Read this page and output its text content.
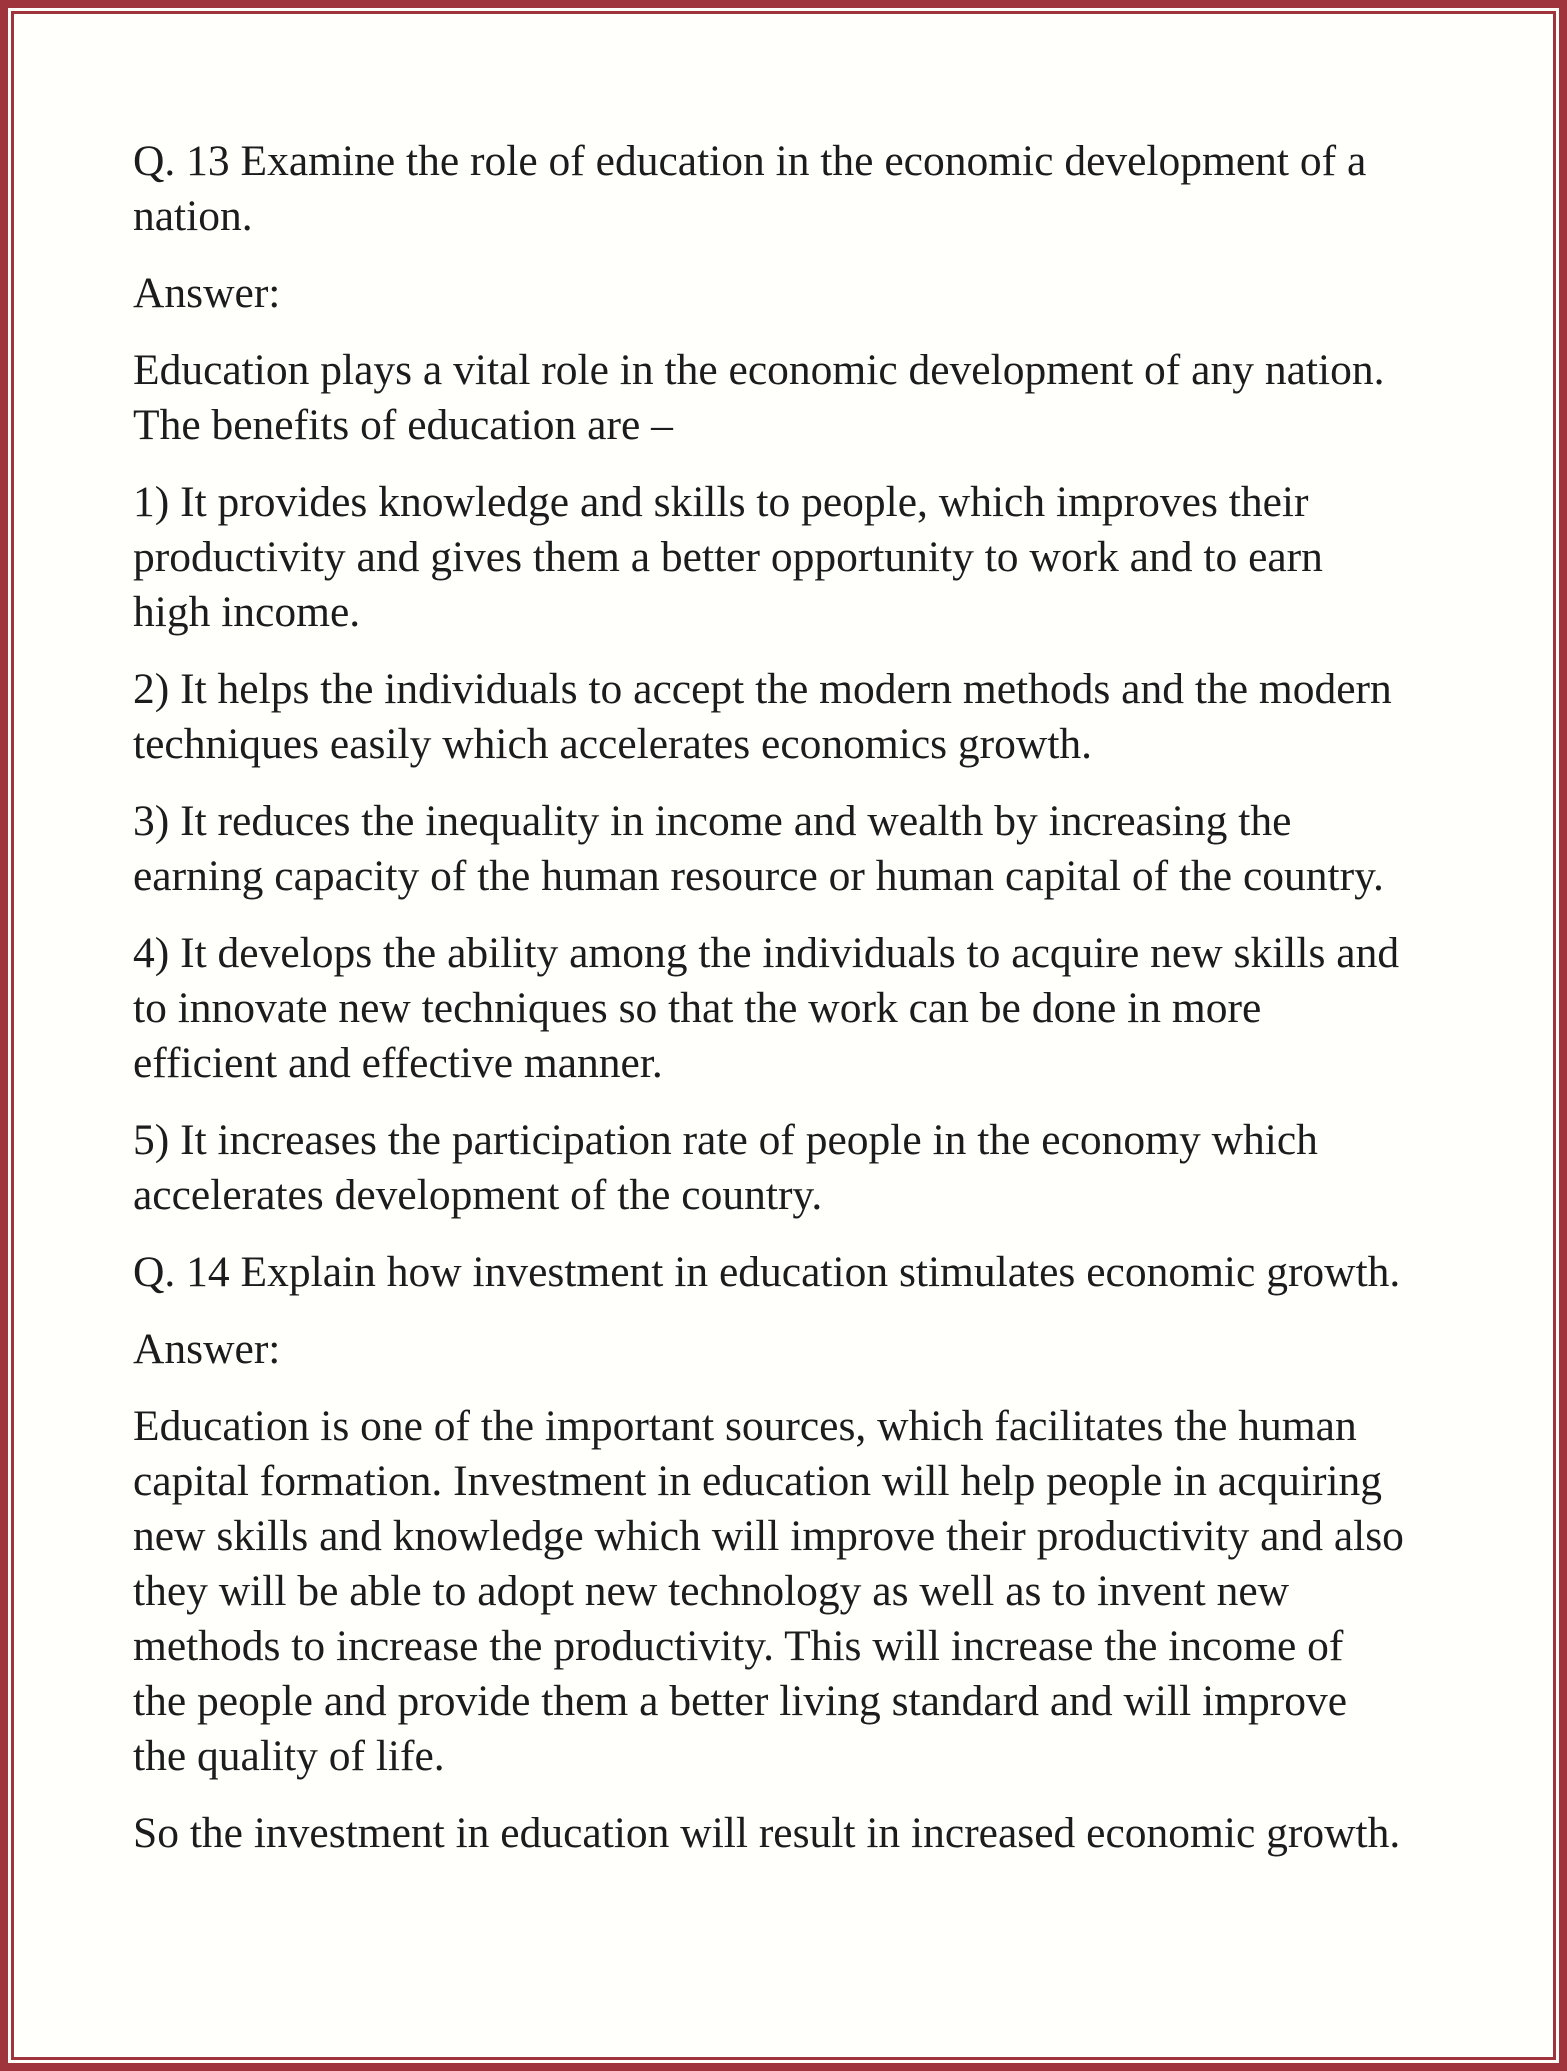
Q. 13 Examine the role of education in the economic development of a
nation.
Answer:
Education plays a vital role in the economic development of any nation.
The benefits of education are –
1) It provides knowledge and skills to people, which improves their
productivity and gives them a better opportunity to work and to earn
high income.
2) It helps the individuals to accept the modern methods and the modern
techniques easily which accelerates economics growth.
3) It reduces the inequality in income and wealth by increasing the
earning capacity of the human resource or human capital of the country.
4) It develops the ability among the individuals to acquire new skills and
to innovate new techniques so that the work can be done in more
efficient and effective manner.
5) It increases the participation rate of people in the economy which
accelerates development of the country.
Q. 14 Explain how investment in education stimulates economic growth.
Answer:
Education is one of the important sources, which facilitates the human
capital formation. Investment in education will help people in acquiring
new skills and knowledge which will improve their productivity and also
they will be able to adopt new technology as well as to invent new
methods to increase the productivity. This will increase the income of
the people and provide them a better living standard and will improve
the quality of life.
So the investment in education will result in increased economic growth.
